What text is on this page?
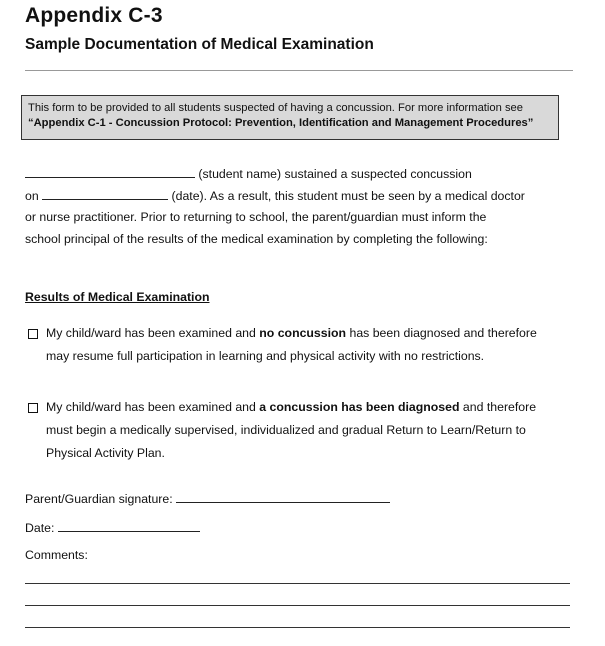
Appendix C-3
Sample Documentation of Medical Examination
This form to be provided to all students suspected of having a concussion. For more information see
“Appendix C-1 - Concussion Protocol: Prevention, Identification and Management Procedures”
(student name) sustained a suspected concussion
on	(date). As a result, this student must be seen by a medical doctor
or nurse practitioner. Prior to returning to school, the parent/guardian must inform the
school principal of the results of the medical examination by completing the following:
Results of Medical Examination
My child/ward has been examined and no concussion has been diagnosed and therefore
may resume full participation in learning and physical activity with no restrictions.
My child/ward has been examined and a concussion has been diagnosed and therefore
must begin a medically supervised, individualized and gradual Return to Learn/Return to
Physical Activity Plan.
Parent/Guardian signature:
Date:
Comments:
